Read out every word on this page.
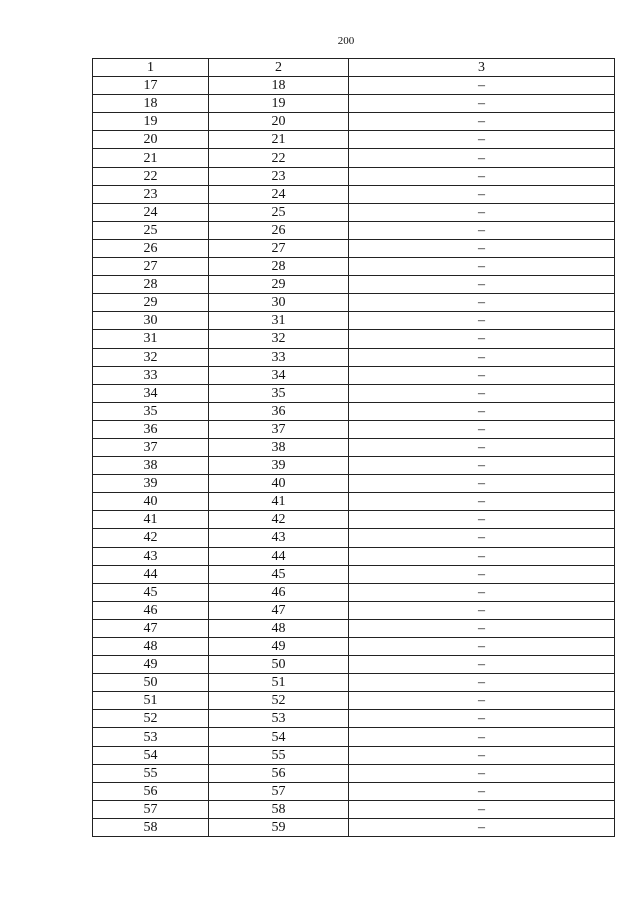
200
1	2	3
17	18	–
18	19	–
19	20	–
20	21	–
21	22	–
22	23	–
23	24	–
24	25	–
25	26	–
26	27	–
27	28	–
28	29	–
29	30	–
30	31	–
31	32	–
32	33	–
33	34	–
34	35	–
35	36	–
36	37	–
37	38	–
38	39	–
39	40	–
40	41	–
41	42	–
42	43	–
43	44	–
44	45	–
45	46	–
46	47	–
47	48	–
48	49	–
49	50	–
50	51	–
51	52	–
52	53	–
53	54	–
54	55	–
55	56	–
56	57	–
57	58	–
58	59	–
